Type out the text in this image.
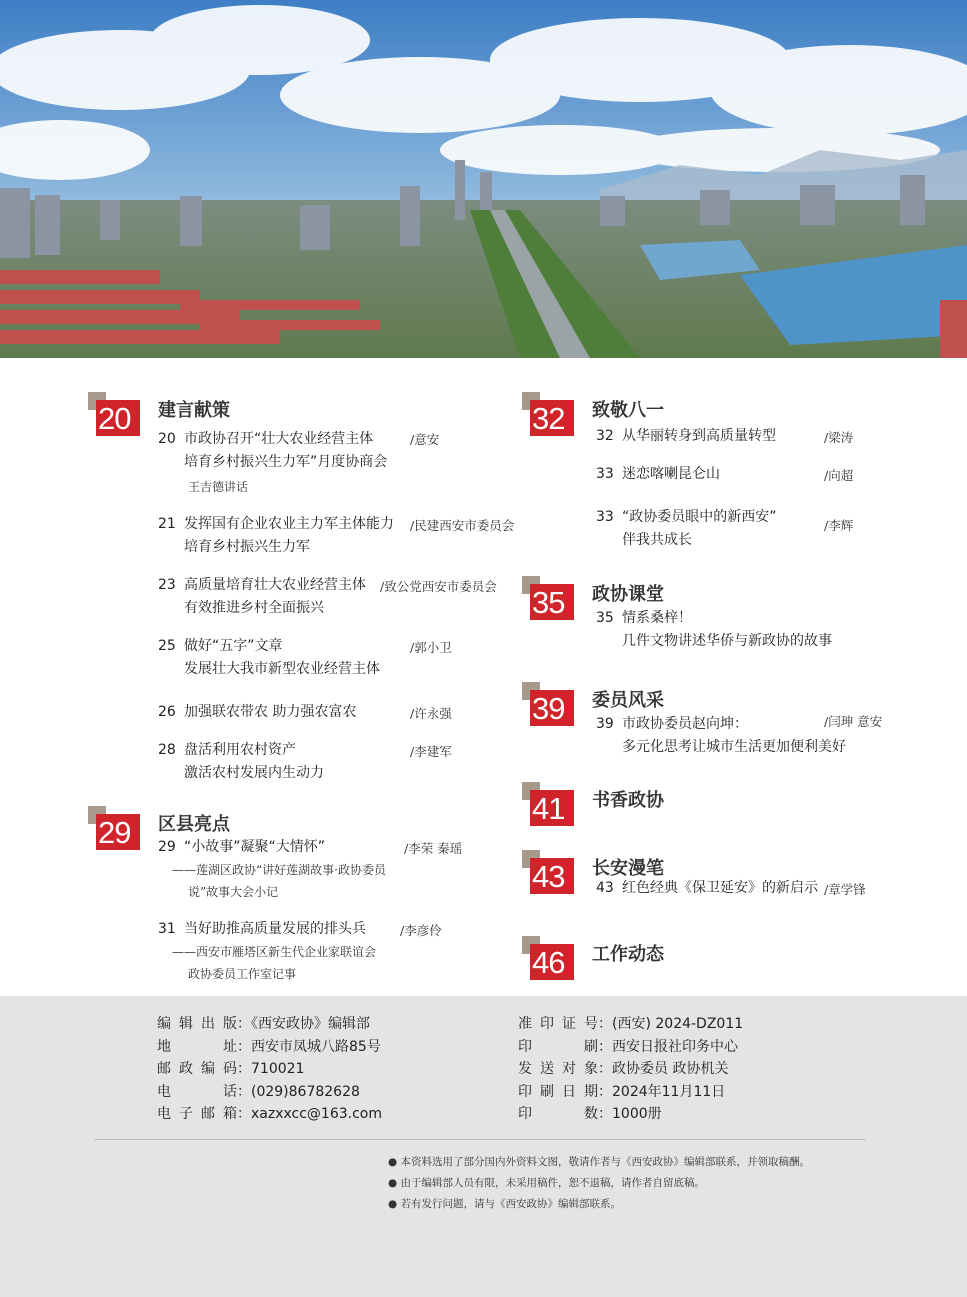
20	建言献策
20 市政协召开“壮大农业经营主体
培育乡村振兴生力军”月度协商会
王吉德讲话
/意安
21 发挥国有企业农业主力军主体能力
培育乡村振兴生力军
/民建西安市委员会
23 高质量培育壮大农业经营主体
有效推进乡村全面振兴
/致公党西安市委员会
25 做好“五字”文章
发展壮大我市新型农业经营主体
/郭小卫
26 加强联农带农 助力强农富农	/许永强
28 盘活利用农村资产
激活农村发展内生动力
/李建军
29	区县亮点
29 “小故事”凝聚“大情怀”
——莲湖区政协“讲好莲湖故事·政协委员
说”故事大会小记
/李荣 秦瑶
31 当好助推高质量发展的排头兵
——西安市雁塔区新生代企业家联谊会
政协委员工作室记事
/李彦伶
32	致敬八一
32 从华丽转身到高质量转型	/梁涛
33 迷恋喀喇昆仑山	/向超
33 “政协委员眼中的新西安”
伴我共成长
/李辉
35	政协课堂
35 情系桑梓！
几件文物讲述华侨与新政协的故事
39	委员风采
39 市政协委员赵向坤：
多元化思考让城市生活更加便利美好
/闫珅 意安
41	书香政协
43	长安漫笔
43 红色经典《保卫延安》的新启示 /章学锋
46	工作动态
编辑出版：《西安政协》编辑部
地址：西安市凤城八路85号
邮政编码：710021
电话：(029)86782628
电子邮箱：xazxxcc@163.com
准印证号：(西安) 2024-DZ011
印刷：西安日报社印务中心
发送对象：政协委员 政协机关
印刷日期：2024年11月11日
印数：1000册
● 本资料选用了部分国内外资料文图，敬请作者与《西安政协》编辑部联系，并领取稿酬。
● 由于编辑部人员有限，未采用稿件，恕不退稿，请作者自留底稿。
● 若有发行问题，请与《西安政协》编辑部联系。
